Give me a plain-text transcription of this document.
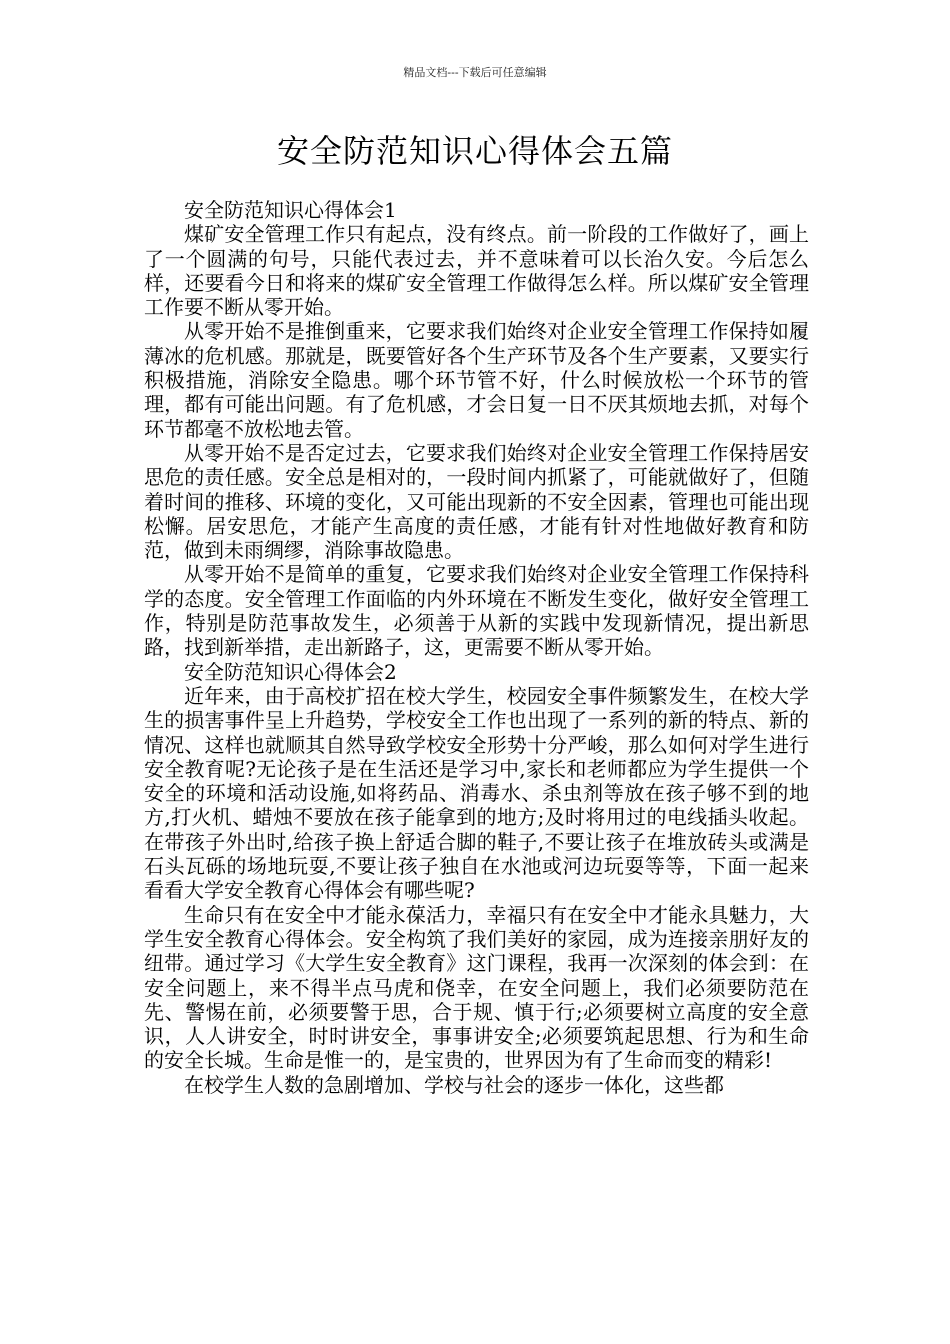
精品文档---下载后可任意编辑
安全防范知识心得体会五篇

安全防范知识心得体会1

煤矿安全管理工作只有起点，没有终点。前一阶段的工作做好了，画上了一个圆满的句号，只能代表过去，并不意味着可以长治久安。今后怎么样，还要看今日和将来的煤矿安全管理工作做得怎么样。所以煤矿安全管理工作要不断从零开始。

从零开始不是推倒重来，它要求我们始终对企业安全管理工作保持如履薄冰的危机感。那就是，既要管好各个生产环节及各个生产要素，又要实行积极措施，消除安全隐患。哪个环节管不好，什么时候放松一个环节的管理，都有可能出问题。有了危机感，才会日复一日不厌其烦地去抓，对每个环节都毫不放松地去管。

从零开始不是否定过去，它要求我们始终对企业安全管理工作保持居安思危的责任感。安全总是相对的，一段时间内抓紧了，可能就做好了，但随着时间的推移、环境的变化，又可能出现新的不安全因素，管理也可能出现松懈。居安思危，才能产生高度的责任感，才能有针对性地做好教育和防范，做到未雨绸缪，消除事故隐患。

从零开始不是简单的重复，它要求我们始终对企业安全管理工作保持科学的态度。安全管理工作面临的内外环境在不断发生变化，做好安全管理工作，特别是防范事故发生，必须善于从新的实践中发现新情况，提出新思路，找到新举措，走出新路子，这，更需要不断从零开始。

安全防范知识心得体会2

近年来，由于高校扩招在校大学生，校园安全事件频繁发生，在校大学生的损害事件呈上升趋势，学校安全工作也出现了一系列的新的特点、新的情况、这样也就顺其自然导致学校安全形势十分严峻，那么如何对学生进行安全教育呢?无论孩子是在生活还是学习中,家长和老师都应为学生提供一个安全的环境和活动设施,如将药品、消毒水、杀虫剂等放在孩子够不到的地方,打火机、蜡烛不要放在孩子能拿到的地方;及时将用过的电线插头收起。在带孩子外出时,给孩子换上舒适合脚的鞋子,不要让孩子在堆放砖头或满是石头瓦砾的场地玩耍,不要让孩子独自在水池或河边玩耍等等，下面一起来看看大学安全教育心得体会有哪些呢?

生命只有在安全中才能永葆活力，幸福只有在安全中才能永具魅力，大学生安全教育心得体会。安全构筑了我们美好的家园，成为连接亲朋好友的纽带。通过学习《大学生安全教育》这门课程，我再一次深刻的体会到：在安全问题上，来不得半点马虎和侥幸，在安全问题上，我们必须要防范在先、警惕在前，必须要警于思，合于规、慎于行;必须要树立高度的安全意识，人人讲安全，时时讲安全，事事讲安全;必须要筑起思想、行为和生命的安全长城。生命是惟一的，是宝贵的，世界因为有了生命而变的精彩!

在校学生人数的急剧增加、学校与社会的逐步一体化，这些都
